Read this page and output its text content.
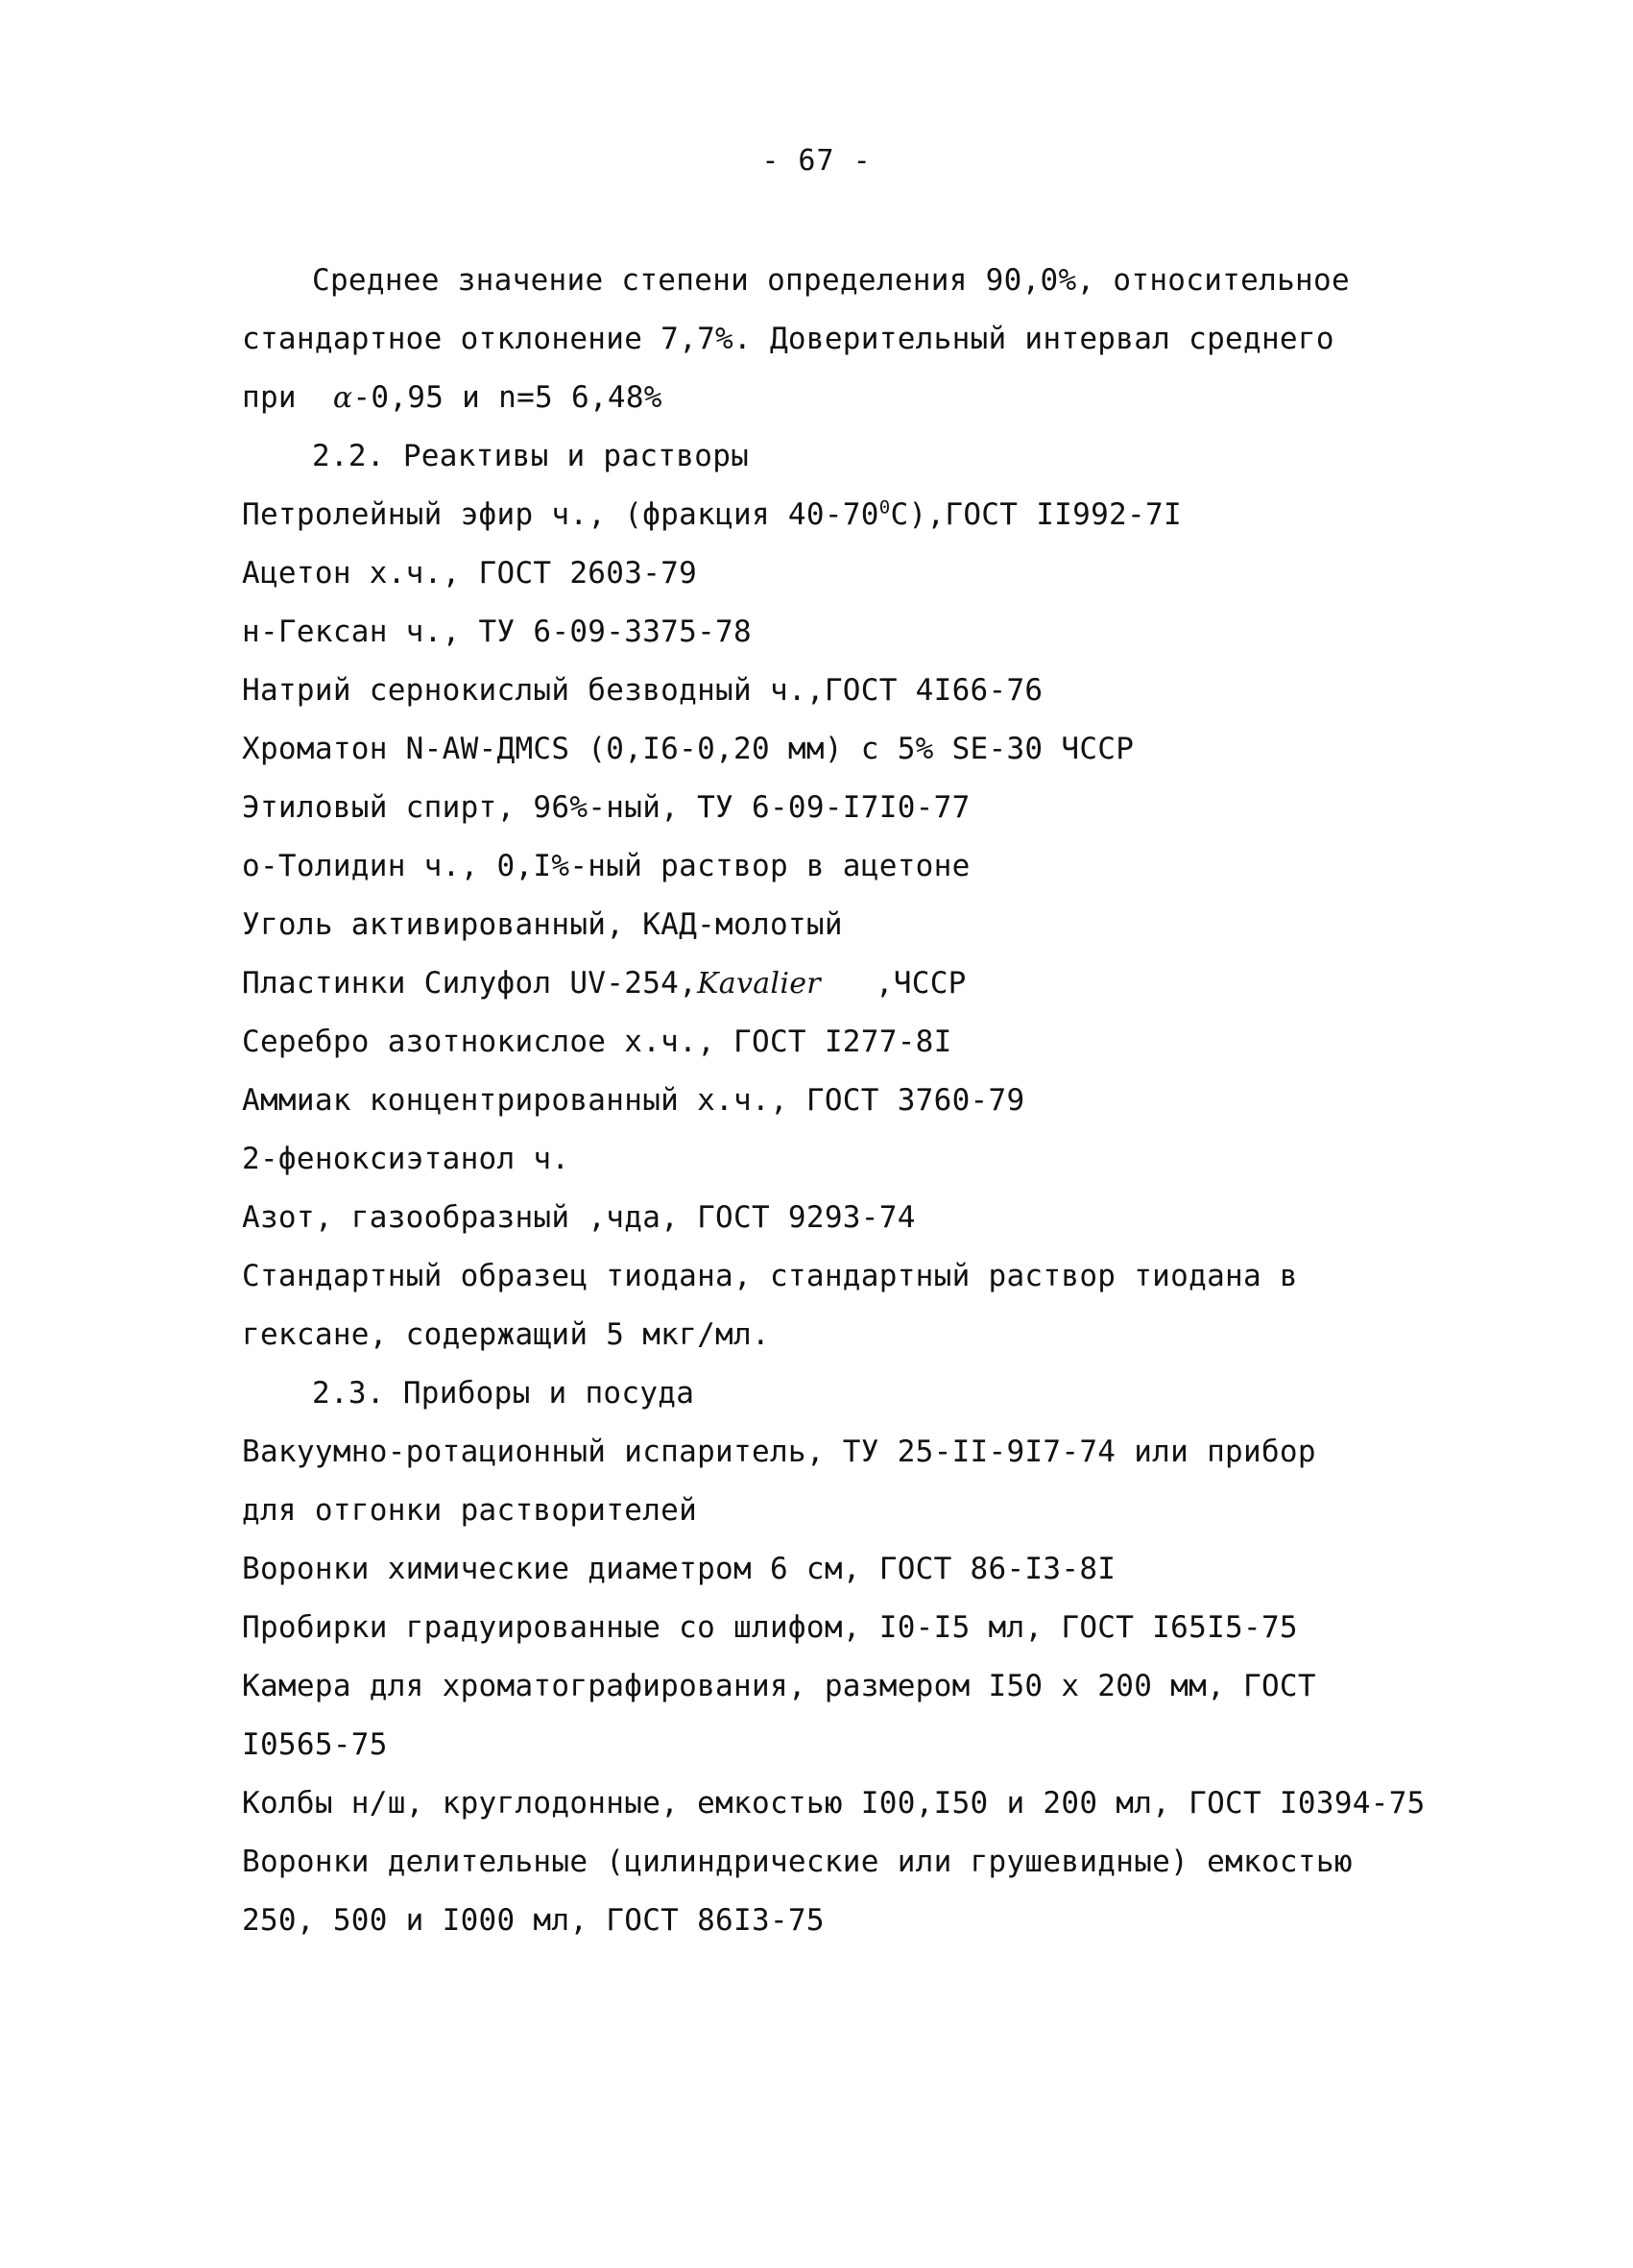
- 67 -
Среднее значение степени определения 90,0%, относительное
стандартное отклонение 7,7%. Доверительный интервал среднего
при  α-0,95 и n=5 6,48%
2.2. Реактивы и растворы
Петролейный эфир ч., (фракция $40-70^0С),ГОСТ$ II992-7I
Ацетон х.ч., ГОСТ 2603-79
н-Гексан ч., ТУ 6-09-3375-78
Натрий сернокислый безводный ч.,ГОСТ 4I66-76
Хроматон N-AW-ДМСS (0,I6-0,20 мм) с 5% SE-30 ЧССР
Этиловый спирт, 96%-ный, ТУ 6-09-I7I0-77
о-Толидин ч., 0,I%-ный раствор в ацетоне
Уголь активированный, КАД-молотый
Пластинки Силуфол UV-254,Kavalier ,ЧССР
Серебро азотнокислое х.ч., ГОСТ I277-8I
Аммиак концентрированный х.ч., ГОСТ 3760-79
2-феноксиэтанол ч.
Азот, газообразный ,чда, ГОСТ 9293-74
Стандартный образец тиодана, стандартный раствор тиодана в
гексане, содержащий 5 мкг/мл.
2.3. Приборы и посуда
Вакуумно-ротационный испаритель, ТУ 25-II-9I7-74 или прибор
для отгонки растворителей
Воронки химические диаметром 6 см, ГОСТ 86-I3-8I
Пробирки градуированные со шлифом, I0-I5 мл, ГОСТ I65I5-75
Камера для хроматографирования, размером I50 х 200 мм, ГОСТ
I0565-75
Колбы н/ш, круглодонные, емкостью I00,I50 и 200 мл, ГОСТ I0394-75
Воронки делительные (цилиндрические или грушевидные) емкостью
250, 500 и I000 мл, ГОСТ 86I3-75
